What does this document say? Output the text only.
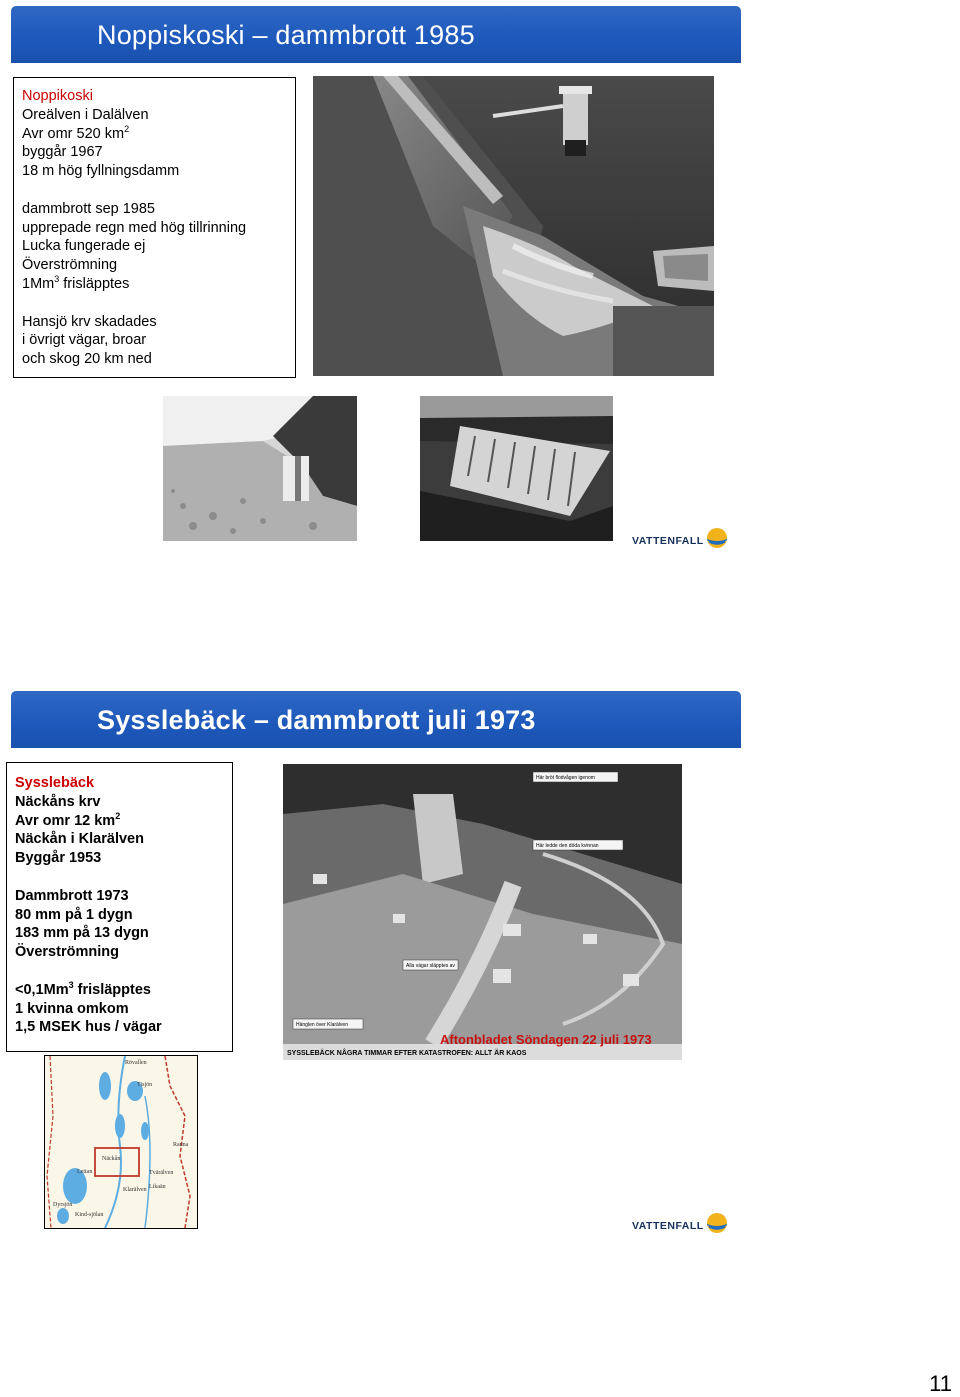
Noppiskoski – dammbrott 1985
Noppikoski
Oreälven i Dalälven
Avr omr 520 $km^2$
byggår 1967
18 m hög fyllningsdamm
dammbrott sep 1985
upprepade regn med hög tillrinning
Lucka fungerade ej
Överströmning
1Mm$^3$ frisläpptes
Hansjö krv skadades
i övrigt vägar, broar
och skog 20 km ned
VATTENFALL
Sysslebäck – dammbrott juli 1973
Sysslebäck
Näckåns krv
Avr omr 12 $km^2$
Näckån i Klarälven
Byggår 1953
Dammbrott 1973
80 mm på 1 dygn
183 mm på 13 dygn
Överströmning
$<0,1Mm^3$ frisläpptes
1 kvinna omkom
1,5 MSEK hus / vägar
Här bröt flodvågen igenom
Här ledde den döda kvinnan
Alla vägar släpptes av
Hänglen över Klarälven
SYSSLEBÄCK NÅGRA TIMMAR EFTER KATASTROFEN: ALLT ÄR KAOS
Aftonbladet Söndagen 22 juli 1973
Rövallen
Tisjön
Näckån
Lettan
Klarälven
Dyrsjön
Kind-sjölan
Tvärälven
Likaän
Ranna
VATTENFALL
11
